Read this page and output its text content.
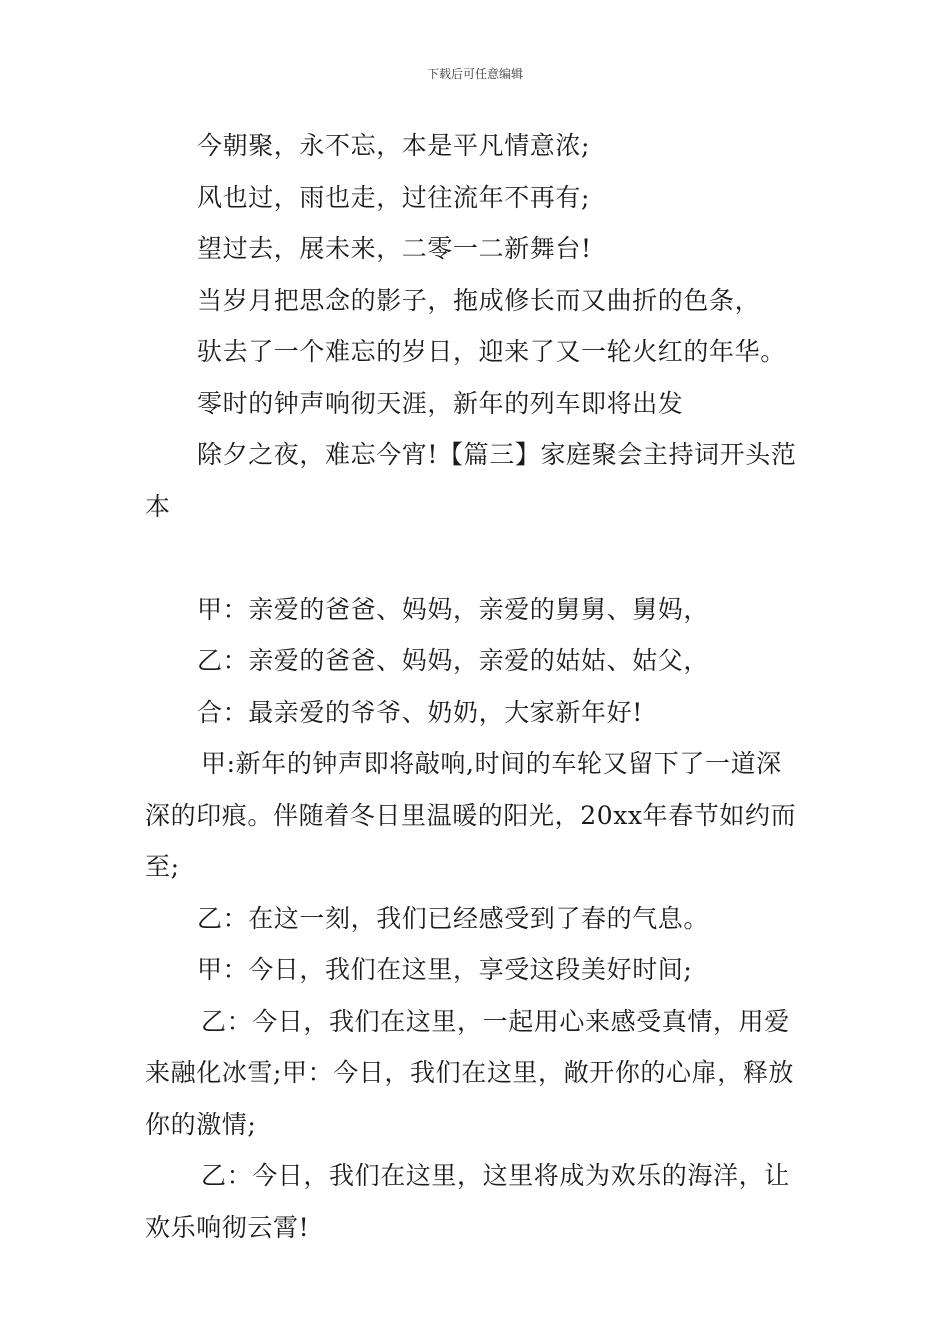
下载后可任意编辑

今朝聚，永不忘，本是平凡情意浓;

风也过，雨也走，过往流年不再有;

望过去，展未来，二零一二新舞台!

当岁月把思念的影子，拖成修长而又曲折的色条，

驮去了一个难忘的岁日，迎来了又一轮火红的年华。

零时的钟声响彻天涯，新年的列车即将出发

除夕之夜，难忘今宵!【篇三】家庭聚会主持词开头范本

甲：亲爱的爸爸、妈妈，亲爱的舅舅、舅妈，

乙：亲爱的爸爸、妈妈，亲爱的姑姑、姑父，

合：最亲爱的爷爷、奶奶，大家新年好!

甲:新年的钟声即将敲响,时间的车轮又留下了一道深深的印痕。伴随着冬日里温暖的阳光，20xx年春节如约而至;

乙：在这一刻，我们已经感受到了春的气息。

甲：今日，我们在这里，享受这段美好时间;

乙：今日，我们在这里，一起用心来感受真情，用爱来融化冰雪;甲：今日，我们在这里，敞开你的心扉，释放你的激情;

乙：今日，我们在这里，这里将成为欢乐的海洋，让欢乐响彻云霄!
